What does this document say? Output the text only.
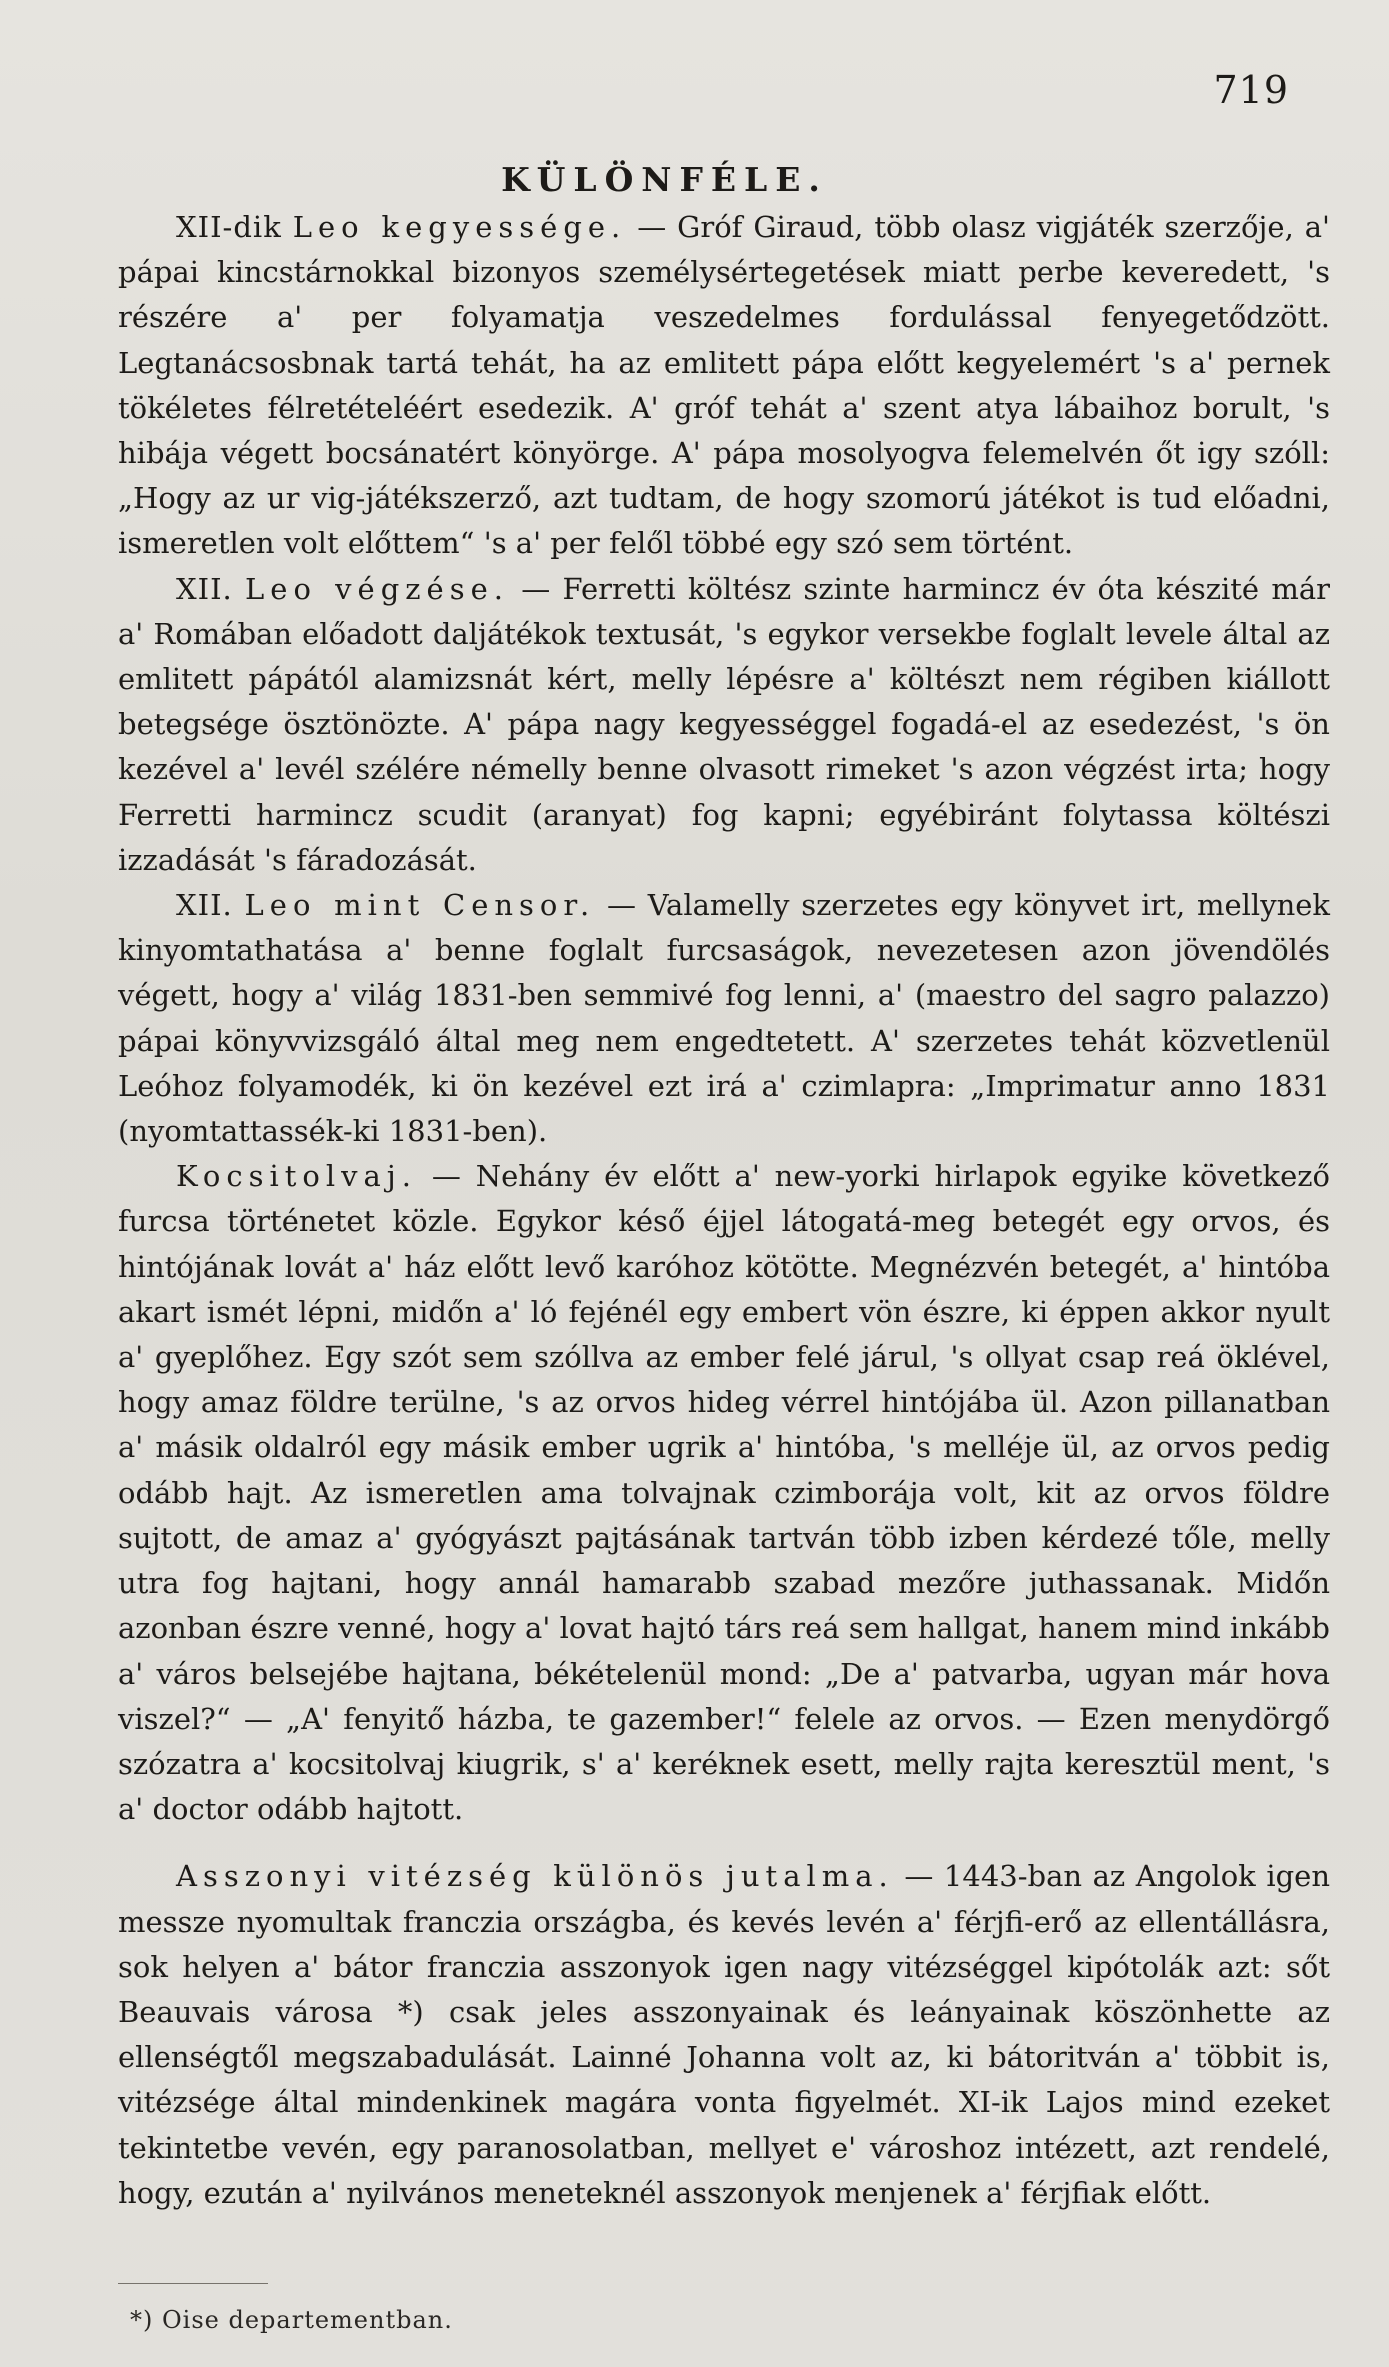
719
KÜLÖNFÉLE.

XII-dik Leo kegyessége. — Gróf Giraud, több olasz vigjáték szerzője, a' pápai kincstárnokkal bizonyos személysértegetések miatt perbe keveredett, 's részére a' per folyamatja veszedelmes fordulással fenyegetődzött. Legtanácsosbnak tartá tehát, ha az emlitett pápa előtt kegyelemért 's a' pernek tökéletes félretételéért esedezik. A' gróf tehát a' szent atya lábaihoz borult, 's hibája végett bocsánatért könyörge. A' pápa mosolyogva felemelvén őt igy szóll: „Hogy az ur vig-játékszerző, azt tudtam, de hogy szomorú játékot is tud előadni, ismeretlen volt előttem“ 's a' per felől többé egy szó sem történt.

XII. Leo végzése. — Ferretti költész szinte harmincz év óta készité már a' Romában előadott daljátékok textusát, 's egykor versekbe foglalt levele által az emlitett pápától alamizsnát kért, melly lépésre a' költészt nem régiben kiállott betegsége ösztönözte. A' pápa nagy kegyességgel fogadá-el az esedezést, 's ön kezével a' levél szélére némelly benne olvasott rimeket 's azon végzést irta; hogy Ferretti harmincz scudit (aranyat) fog kapni; egyébiránt folytassa költészi izzadását 's fáradozását.

XII. Leo mint Censor. — Valamelly szerzetes egy könyvet irt, mellynek kinyomtathatása a' benne foglalt furcsaságok, nevezetesen azon jövendölés végett, hogy a' világ 1831-ben semmivé fog lenni, a' (maestro del sagro palazzo) pápai könyvvizsgáló által meg nem engedtetett. A' szerzetes tehát közvetlenül Leóhoz folyamodék, ki ön kezével ezt irá a' czimlapra: „Imprimatur anno 1831 (nyomtattassék-ki 1831-ben).

Kocsitolvaj. — Nehány év előtt a' new-yorki hirlapok egyike következő furcsa történetet közle. Egykor késő éjjel látogatá-meg betegét egy orvos, és hintójának lovát a' ház előtt levő karóhoz kötötte. Megnézvén betegét, a' hintóba akart ismét lépni, midőn a' ló fejénél egy embert vön észre, ki éppen akkor nyult a' gyeplőhez. Egy szót sem szóllva az ember felé járul, 's ollyat csap reá öklével, hogy amaz földre terülne, 's az orvos hideg vérrel hintójába ül. Azon pillanatban a' másik oldalról egy másik ember ugrik a' hintóba, 's melléje ül, az orvos pedig odább hajt. Az ismeretlen ama tolvajnak czimborája volt, kit az orvos földre sujtott, de amaz a' gyógyászt pajtásának tartván több izben kérdezé tőle, melly utra fog hajtani, hogy annál hamarabb szabad mezőre juthassanak. Midőn azonban észre venné, hogy a' lovat hajtó társ reá sem hallgat, hanem mind inkább a' város belsejébe hajtana, békételenül mond: „De a' patvarba, ugyan már hova viszel?“ — „A' fenyitő házba, te gazember!“ felele az orvos. — Ezen menydörgő szózatra a' kocsitolvaj kiugrik, s' a' keréknek esett, melly rajta keresztül ment, 's a' doctor odább hajtott.

Asszonyi vitézség különös jutalma. — 1443-ban az Angolok igen messze nyomultak franczia országba, és kevés levén a' férjfi-erő az ellentállásra, sok helyen a' bátor franczia asszonyok igen nagy vitézséggel kipótolák azt: sőt Beauvais városa *) csak jeles asszonyainak és leányainak köszönhette az ellenségtől megszabadulását. Lainné Johanna volt az, ki bátoritván a' többit is, vitézsége által mindenkinek magára vonta figyelmét. XI-ik Lajos mind ezeket tekintetbe vevén, egy paranosolatban, mellyet e' városhoz intézett, azt rendelé, hogy, ezután a' nyilvános meneteknél asszonyok menjenek a' férjfiak előtt.

*) Oise departementban.
